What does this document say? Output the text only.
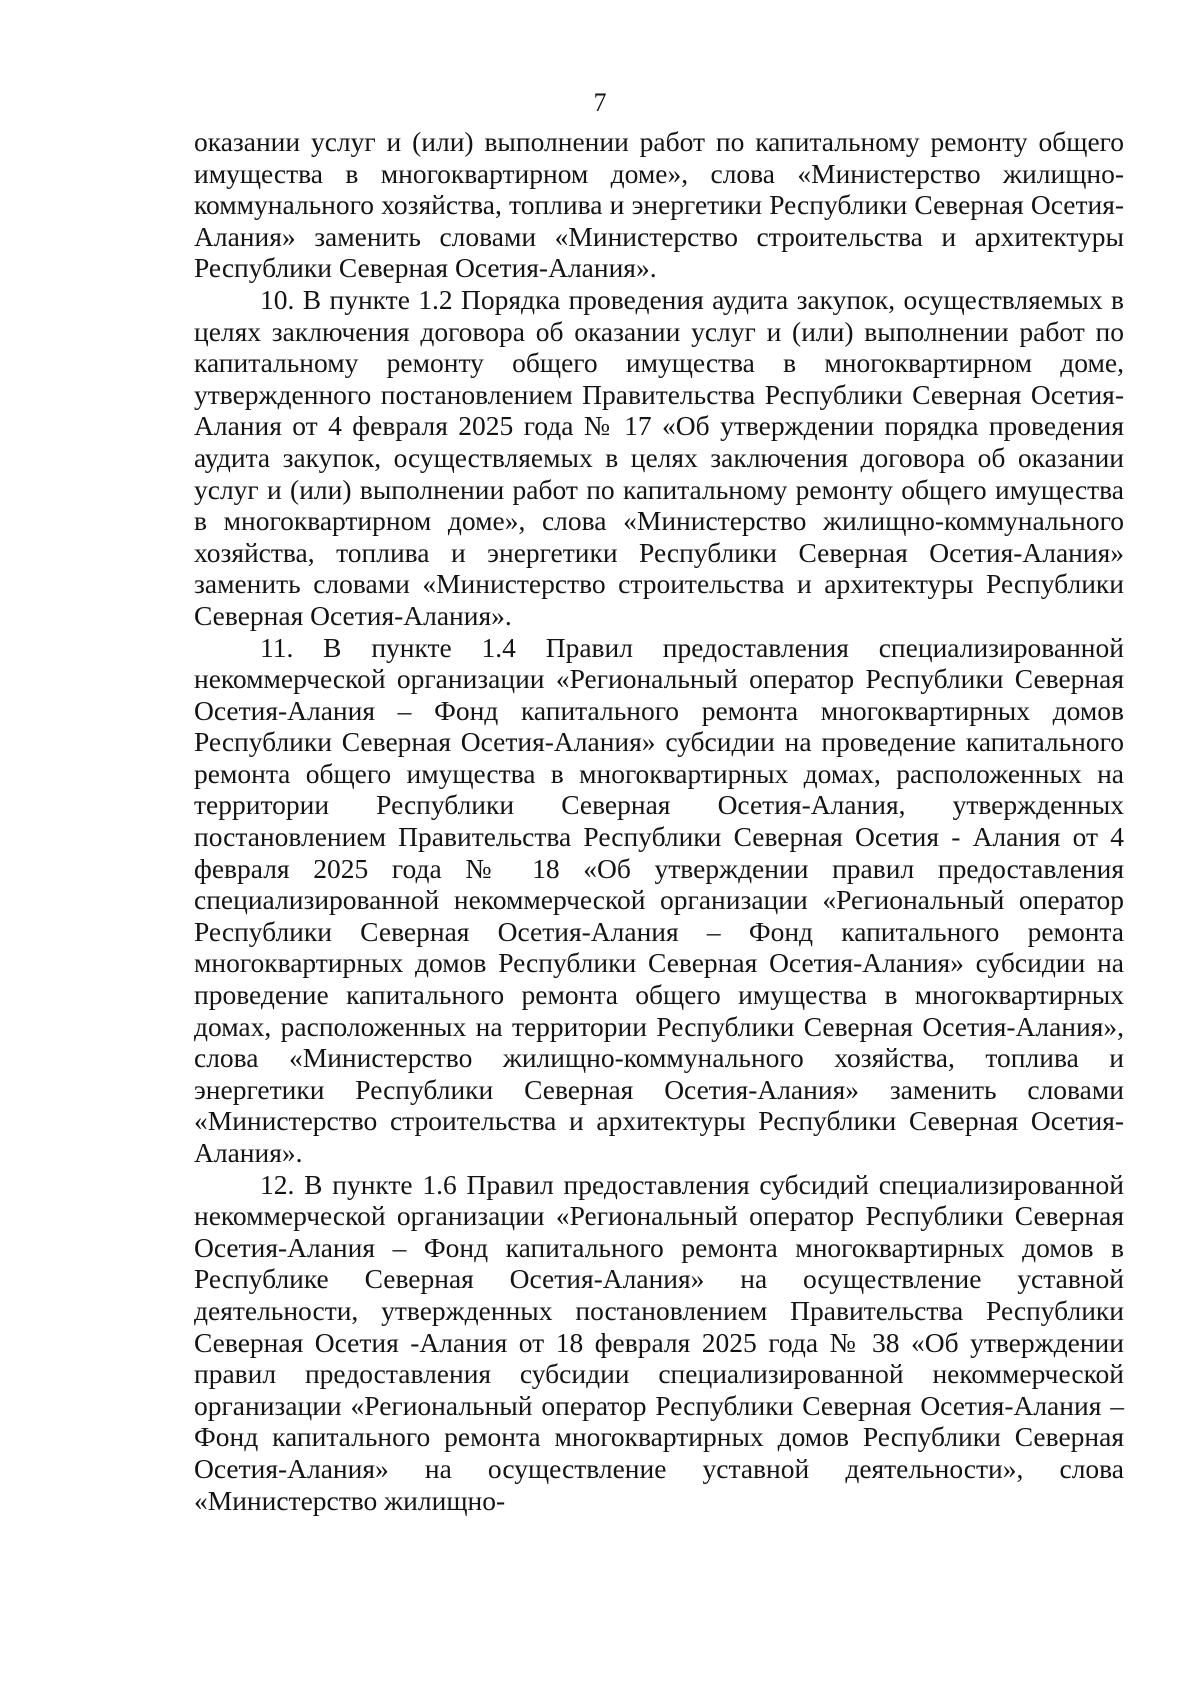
7

оказании услуг и (или) выполнении работ по капитальному ремонту общего имущества в многоквартирном доме», слова «Министерство жилищно-коммунального хозяйства, топлива и энергетики Республики Северная Осетия-Алания» заменить словами «Министерство строительства и архитектуры Республики Северная Осетия-Алания».

10. В пункте 1.2 Порядка проведения аудита закупок, осуществляемых в целях заключения договора об оказании услуг и (или) выполнении работ по капитальному ремонту общего имущества в многоквартирном доме, утвержденного постановлением Правительства Республики Северная Осетия-Алания от 4 февраля 2025 года № 17 «Об утверждении порядка проведения аудита закупок, осуществляемых в целях заключения договора об оказании услуг и (или) выполнении работ по капитальному ремонту общего имущества в многоквартирном доме», слова «Министерство жилищно-коммунального хозяйства, топлива и энергетики Республики Северная Осетия-Алания» заменить словами «Министерство строительства и архитектуры Республики Северная Осетия-Алания».

11. В пункте 1.4 Правил предоставления специализированной некоммерческой организации «Региональный оператор Республики Северная Осетия-Алания – Фонд капитального ремонта многоквартирных домов Республики Северная Осетия-Алания» субсидии на проведение капитального ремонта общего имущества в многоквартирных домах, расположенных на территории Республики Северная Осетия-Алания, утвержденных постановлением Правительства Республики Северная Осетия - Алания от 4 февраля 2025 года № 18 «Об утверждении правил предоставления специализированной некоммерческой организации «Региональный оператор Республики Северная Осетия-Алания – Фонд капитального ремонта многоквартирных домов Республики Северная Осетия-Алания» субсидии на проведение капитального ремонта общего имущества в многоквартирных домах, расположенных на территории Республики Северная Осетия-Алания», слова «Министерство жилищно-коммунального хозяйства, топлива и энергетики Республики Северная Осетия-Алания» заменить словами «Министерство строительства и архитектуры Республики Северная Осетия-Алания».

12. В пункте 1.6 Правил предоставления субсидий специализированной некоммерческой организации «Региональный оператор Республики Северная Осетия-Алания – Фонд капитального ремонта многоквартирных домов в Республике Северная Осетия-Алания» на осуществление уставной деятельности, утвержденных постановлением Правительства Республики Северная Осетия -Алания от 18 февраля 2025 года № 38 «Об утверждении правил предоставления субсидии специализированной некоммерческой организации «Региональный оператор Республики Северная Осетия-Алания – Фонд капитального ремонта многоквартирных домов Республики Северная Осетия-Алания» на осуществление уставной деятельности», слова «Министерство жилищно-
